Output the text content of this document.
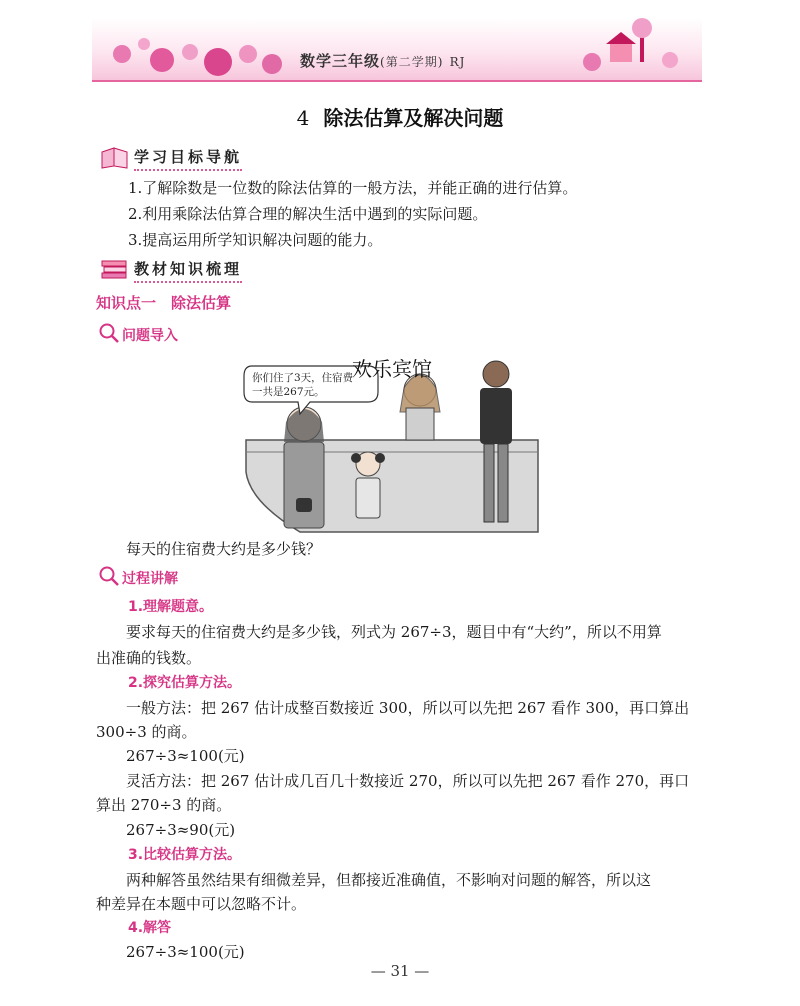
数学三年级(第二学期) RJ
4 除法估算及解决问题
学习目标导航
1.了解除数是一位数的除法估算的一般方法，并能正确的进行估算。
2.利用乘除法估算合理的解决生活中遇到的实际问题。
3.提高运用所学知识解决问题的能力。
教材知识梳理
知识点一　除法估算
问题导入
你们住了3天，住宿费
一共是267元。
欢乐宾馆
每天的住宿费大约是多少钱？
过程讲解
1.理解题意。
要求每天的住宿费大约是多少钱，列式为 267÷3，题目中有“大约”，所以不用算
出准确的钱数。
2.探究估算方法。
一般方法：把 267 估计成整百数接近 300，所以可以先把 267 看作 300，再口算出
300÷3 的商。
267÷3≈100(元)
灵活方法：把 267 估计成几百几十数接近 270，所以可以先把 267 看作 270，再口
算出 270÷3 的商。
267÷3≈90(元)
3.比较估算方法。
两种解答虽然结果有细微差异，但都接近准确值，不影响对问题的解答，所以这
种差异在本题中可以忽略不计。
4.解答
267÷3≈100(元)
— 31 —
